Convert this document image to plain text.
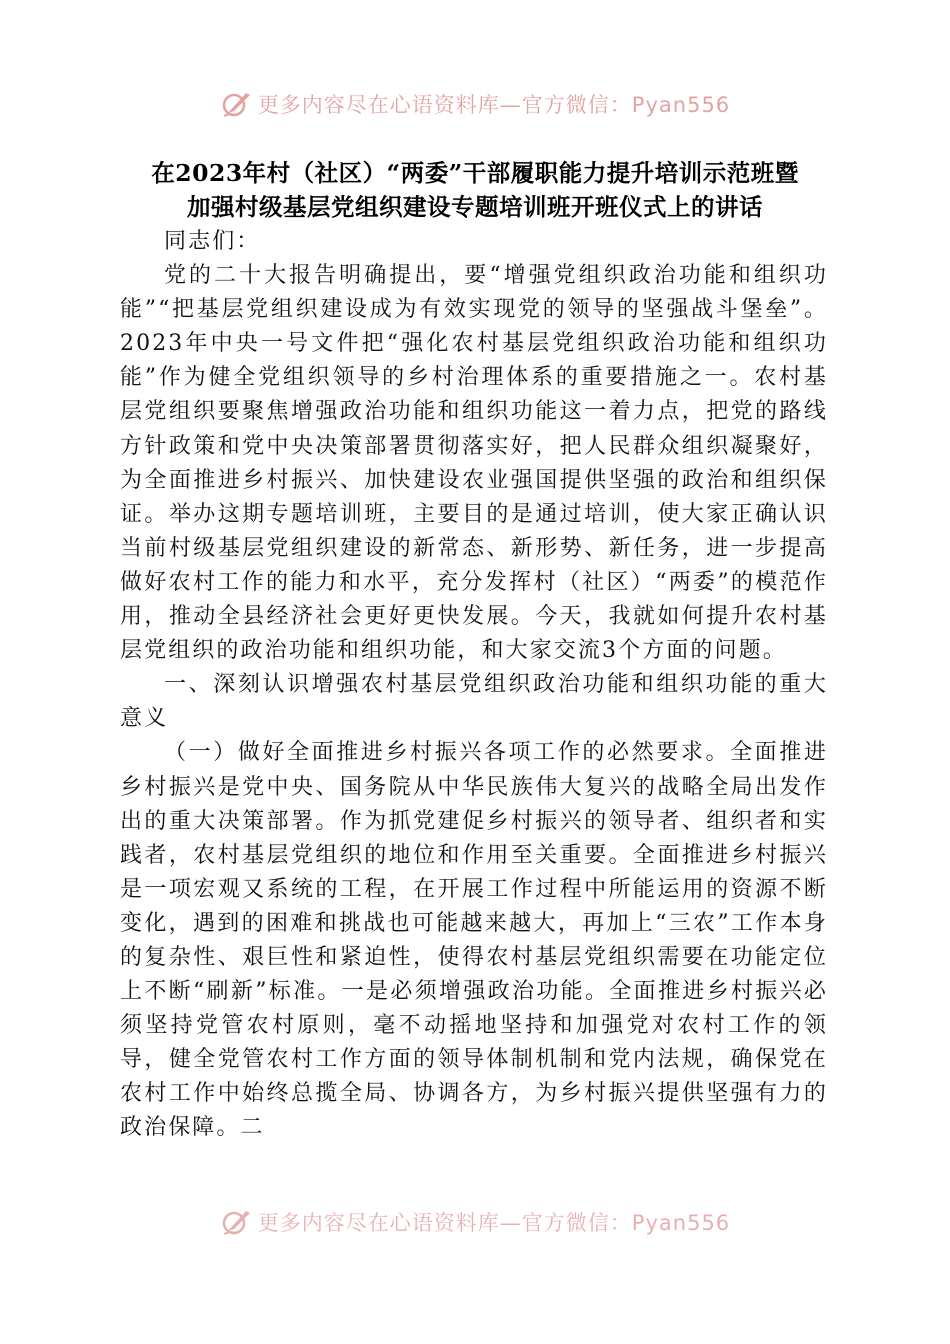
更多内容尽在心语资料库—官方微信：Pyan556
在2023年村（社区）“两委”干部履职能力提升培训示范班暨
加强村级基层党组织建设专题培训班开班仪式上的讲话

同志们：

党的二十大报告明确提出，要“增强党组织政治功能和组织功能”“把基层党组织建设成为有效实现党的领导的坚强战斗堡垒”。2023年中央一号文件把“强化农村基层党组织政治功能和组织功能”作为健全党组织领导的乡村治理体系的重要措施之一。农村基层党组织要聚焦增强政治功能和组织功能这一着力点，把党的路线方针政策和党中央决策部署贯彻落实好，把人民群众组织凝聚好，为全面推进乡村振兴、加快建设农业强国提供坚强的政治和组织保证。举办这期专题培训班，主要目的是通过培训，使大家正确认识当前村级基层党组织建设的新常态、新形势、新任务，进一步提高做好农村工作的能力和水平，充分发挥村（社区）“两委”的模范作用，推动全县经济社会更好更快发展。今天，我就如何提升农村基层党组织的政治功能和组织功能，和大家交流3个方面的问题。

一、深刻认识增强农村基层党组织政治功能和组织功能的重大意义

（一）做好全面推进乡村振兴各项工作的必然要求。全面推进乡村振兴是党中央、国务院从中华民族伟大复兴的战略全局出发作出的重大决策部署。作为抓党建促乡村振兴的领导者、组织者和实践者，农村基层党组织的地位和作用至关重要。全面推进乡村振兴是一项宏观又系统的工程，在开展工作过程中所能运用的资源不断变化，遇到的困难和挑战也可能越来越大，再加上“三农”工作本身的复杂性、艰巨性和紧迫性，使得农村基层党组织需要在功能定位上不断“刷新”标准。一是必须增强政治功能。全面推进乡村振兴必须坚持党管农村原则，毫不动摇地坚持和加强党对农村工作的领导，健全党管农村工作方面的领导体制机制和党内法规，确保党在农村工作中始终总揽全局、协调各方，为乡村振兴提供坚强有力的政治保障。二

更多内容尽在心语资料库—官方微信：Pyan556
